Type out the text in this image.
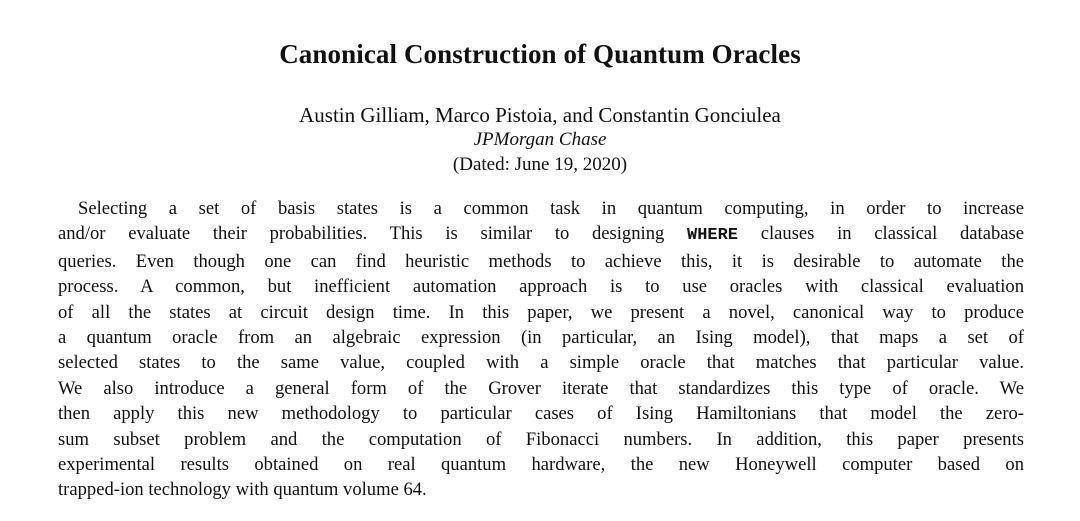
Canonical Construction of Quantum Oracles
Austin Gilliam, Marco Pistoia, and Constantin Gonciulea
JPMorgan Chase
(Dated: June 19, 2020)
Selecting a set of basis states is a common task in quantum computing, in order to increase
and/or evaluate their probabilities. This is similar to designing WHERE clauses in classical database
queries. Even though one can find heuristic methods to achieve this, it is desirable to automate the
process. A common, but inefficient automation approach is to use oracles with classical evaluation
of all the states at circuit design time. In this paper, we present a novel, canonical way to produce
a quantum oracle from an algebraic expression (in particular, an Ising model), that maps a set of
selected states to the same value, coupled with a simple oracle that matches that particular value.
We also introduce a general form of the Grover iterate that standardizes this type of oracle. We
then apply this new methodology to particular cases of Ising Hamiltonians that model the zero-
sum subset problem and the computation of Fibonacci numbers. In addition, this paper presents
experimental results obtained on real quantum hardware, the new Honeywell computer based on
trapped-ion technology with quantum volume 64.
